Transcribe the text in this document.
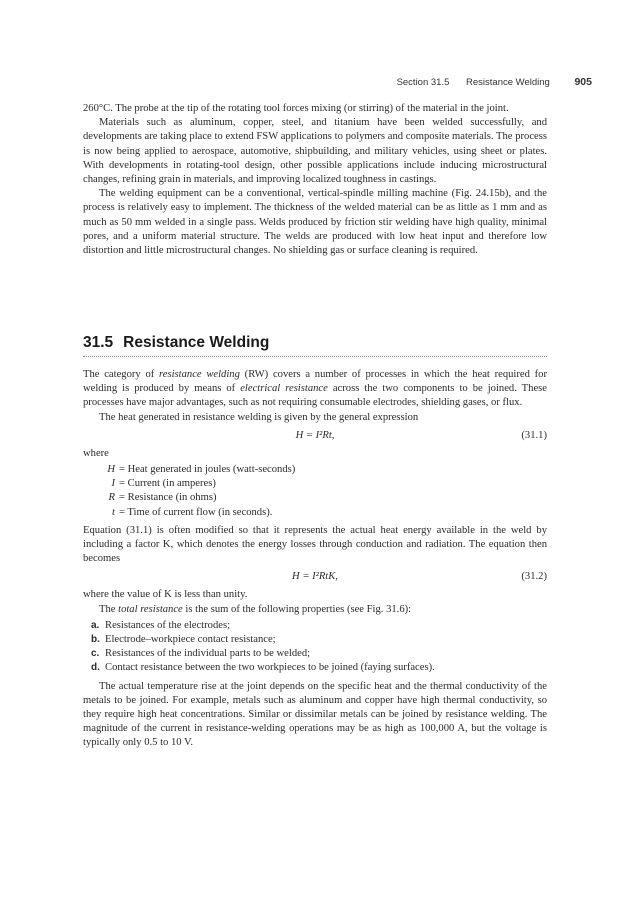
Section 31.5 Resistance Welding 905

260°C. The probe at the tip of the rotating tool forces mixing (or stirring) of the material in the joint.

Materials such as aluminum, copper, steel, and titanium have been welded successfully, and developments are taking place to extend FSW applications to polymers and composite materials. The process is now being applied to aerospace, automotive, shipbuilding, and military vehicles, using sheet or plates. With developments in rotating-tool design, other possible applications include inducing microstructural changes, refining grain in materials, and improving localized toughness in castings.

The welding equipment can be a conventional, vertical-spindle milling machine (Fig. 24.15b), and the process is relatively easy to implement. The thickness of the welded material can be as little as 1 mm and as much as 50 mm welded in a single pass. Welds produced by friction stir welding have high quality, minimal pores, and a uniform material structure. The welds are produced with low heat input and therefore low distortion and little microstructural changes. No shielding gas or surface cleaning is required.

31.5 Resistance Welding

The category of resistance welding (RW) covers a number of processes in which the heat required for welding is produced by means of electrical resistance across the two components to be joined. These processes have major advantages, such as not requiring consumable electrodes, shielding gases, or flux.

The heat generated in resistance welding is given by the general expression

H = I²Rt,	(31.1)

where

H = Heat generated in joules (watt-seconds)
I = Current (in amperes)
R = Resistance (in ohms)
t = Time of current flow (in seconds).

Equation (31.1) is often modified so that it represents the actual heat energy available in the weld by including a factor K, which denotes the energy losses through conduction and radiation. The equation then becomes

H = I²RtK,	(31.2)

where the value of K is less than unity.

The total resistance is the sum of the following properties (see Fig. 31.6):

a. Resistances of the electrodes;
b. Electrode–workpiece contact resistance;
c. Resistances of the individual parts to be welded;
d. Contact resistance between the two workpieces to be joined (faying surfaces).

The actual temperature rise at the joint depends on the specific heat and the thermal conductivity of the metals to be joined. For example, metals such as aluminum and copper have high thermal conductivity, so they require high heat concentrations. Similar or dissimilar metals can be joined by resistance welding. The magnitude of the current in resistance-welding operations may be as high as 100,000 A, but the voltage is typically only 0.5 to 10 V.
